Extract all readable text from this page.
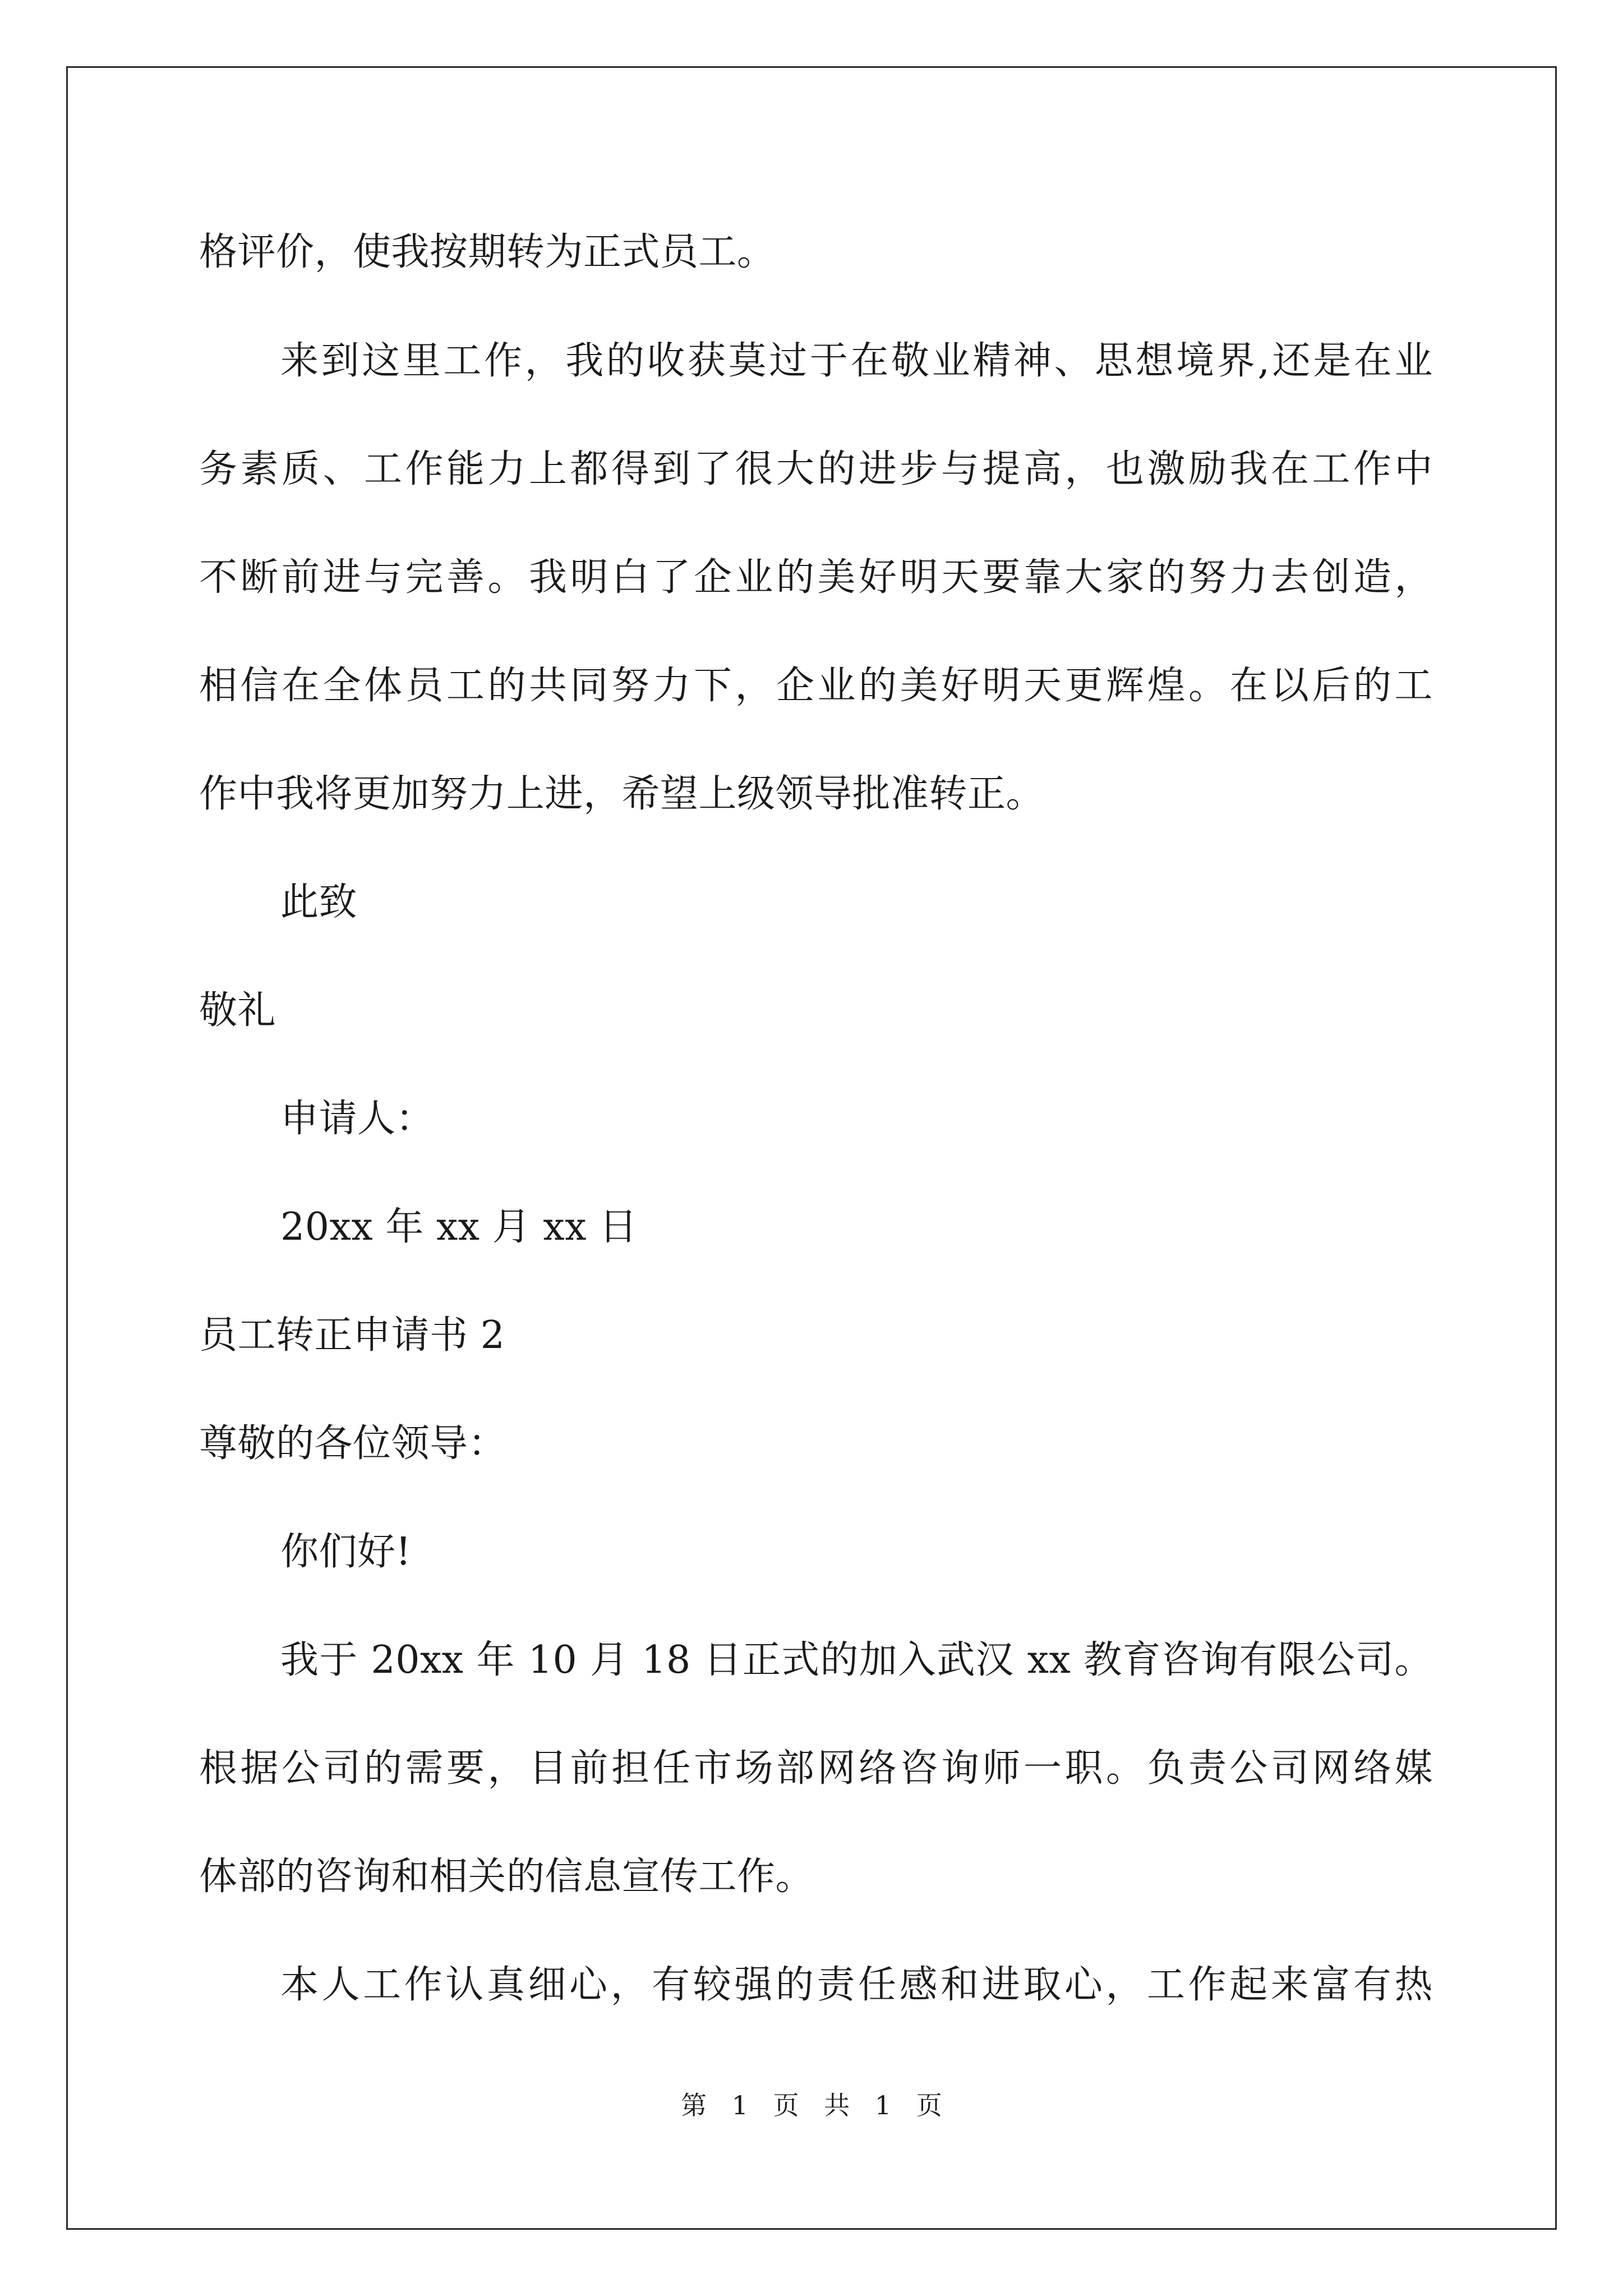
格评价，使我按期转为正式员工。
来到这里工作，我的收获莫过于在敬业精神、思想境界,还是在业
务素质、工作能力上都得到了很大的进步与提高，也激励我在工作中
不断前进与完善。我明白了企业的美好明天要靠大家的努力去创造，
相信在全体员工的共同努力下，企业的美好明天更辉煌。在以后的工
作中我将更加努力上进，希望上级领导批准转正。
此致
敬礼
申请人：
20xx 年 xx 月 xx 日
员工转正申请书 2
尊敬的各位领导：
你们好!
我于 20xx 年 10 月 18 日正式的加入武汉 xx 教育咨询有限公司。
根据公司的需要，目前担任市场部网络咨询师一职。负责公司网络媒
体部的咨询和相关的信息宣传工作。
本人工作认真细心，有较强的责任感和进取心，工作起来富有热
第 1 页 共 1 页
